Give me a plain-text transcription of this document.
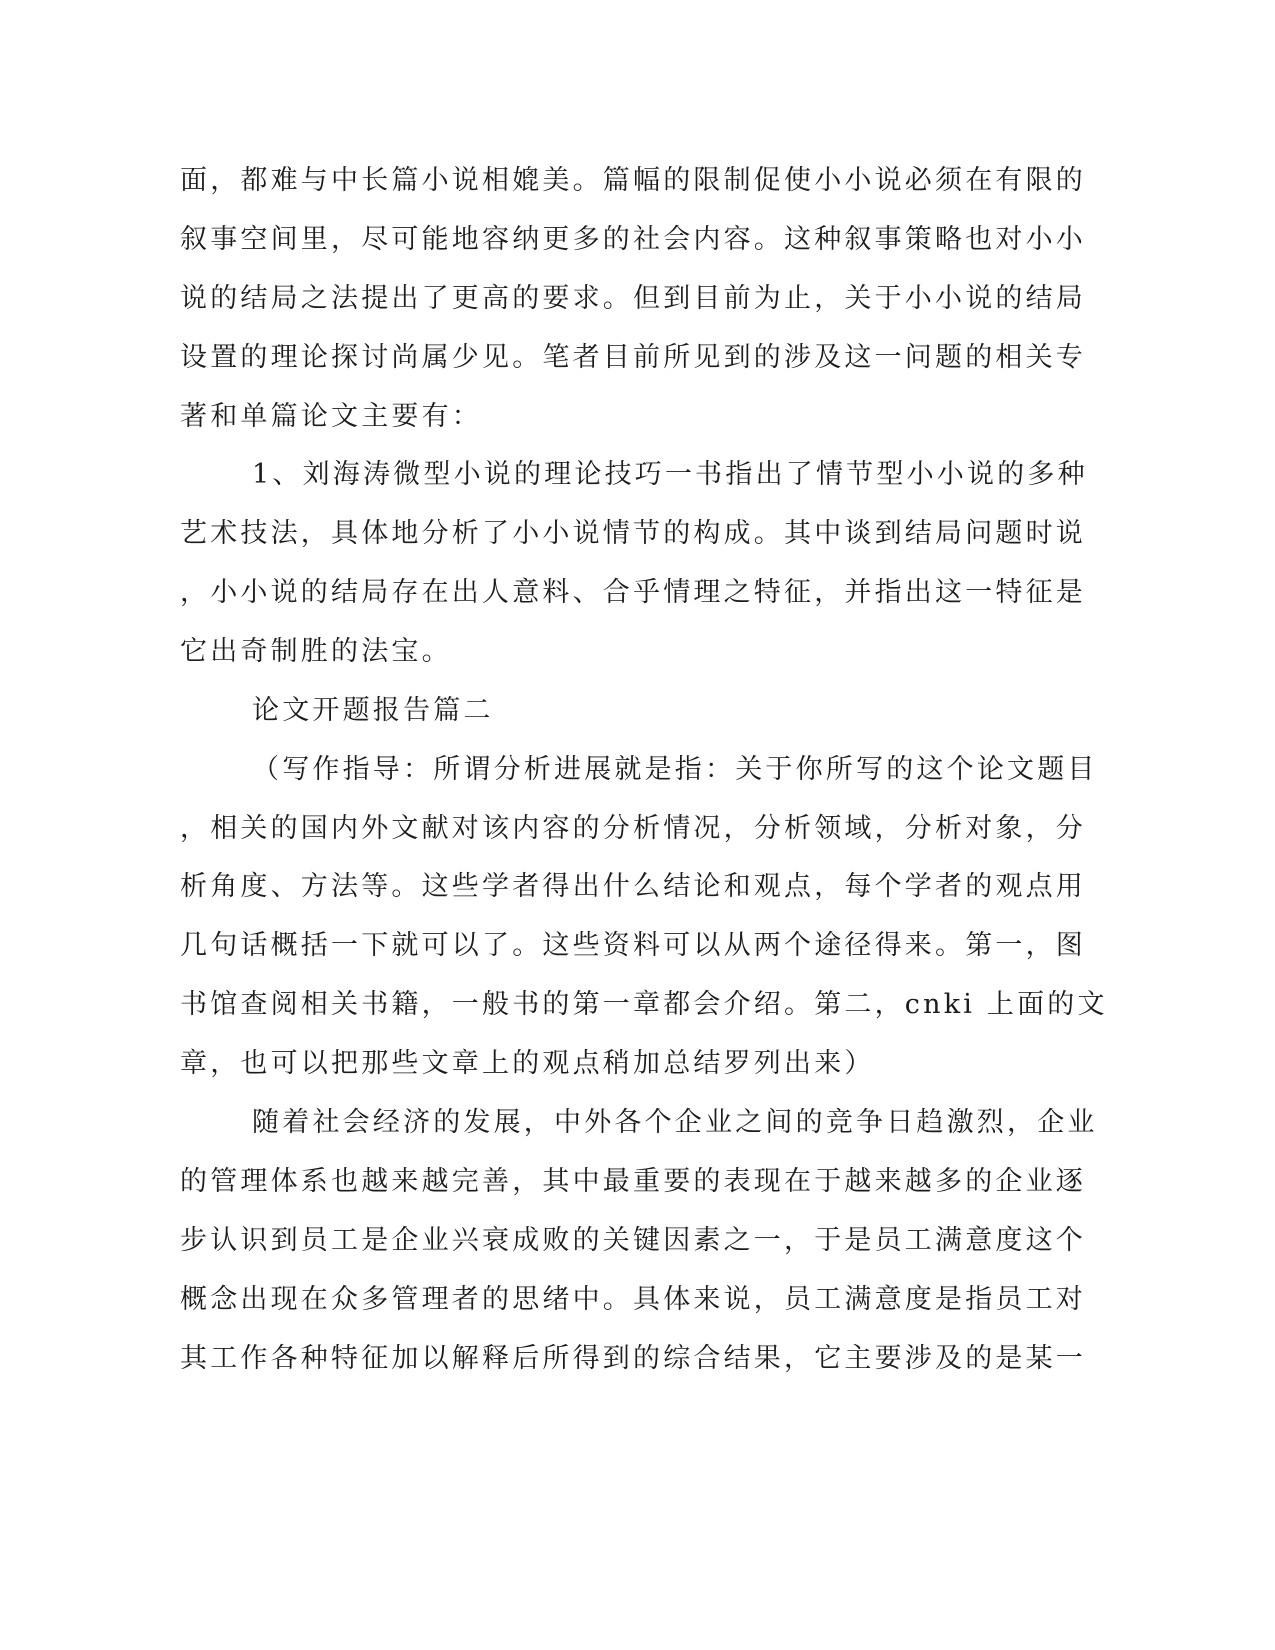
面，都难与中长篇小说相媲美。篇幅的限制促使小小说必须在有限的
叙事空间里，尽可能地容纳更多的社会内容。这种叙事策略也对小小
说的结局之法提出了更高的要求。但到目前为止，关于小小说的结局
设置的理论探讨尚属少见。笔者目前所见到的涉及这一问题的相关专
著和单篇论文主要有：
1、刘海涛微型小说的理论技巧一书指出了情节型小小说的多种
艺术技法，具体地分析了小小说情节的构成。其中谈到结局问题时说
，小小说的结局存在出人意料、合乎情理之特征，并指出这一特征是
它出奇制胜的法宝。
论文开题报告篇二
（写作指导：所谓分析进展就是指：关于你所写的这个论文题目
，相关的国内外文献对该内容的分析情况，分析领域，分析对象，分
析角度、方法等。这些学者得出什么结论和观点，每个学者的观点用
几句话概括一下就可以了。这些资料可以从两个途径得来。第一，图
书馆查阅相关书籍，一般书的第一章都会介绍。第二，cnki 上面的文
章，也可以把那些文章上的观点稍加总结罗列出来）
随着社会经济的发展，中外各个企业之间的竞争日趋激烈，企业
的管理体系也越来越完善，其中最重要的表现在于越来越多的企业逐
步认识到员工是企业兴衰成败的关键因素之一，于是员工满意度这个
概念出现在众多管理者的思绪中。具体来说，员工满意度是指员工对
其工作各种特征加以解释后所得到的综合结果，它主要涉及的是某一
